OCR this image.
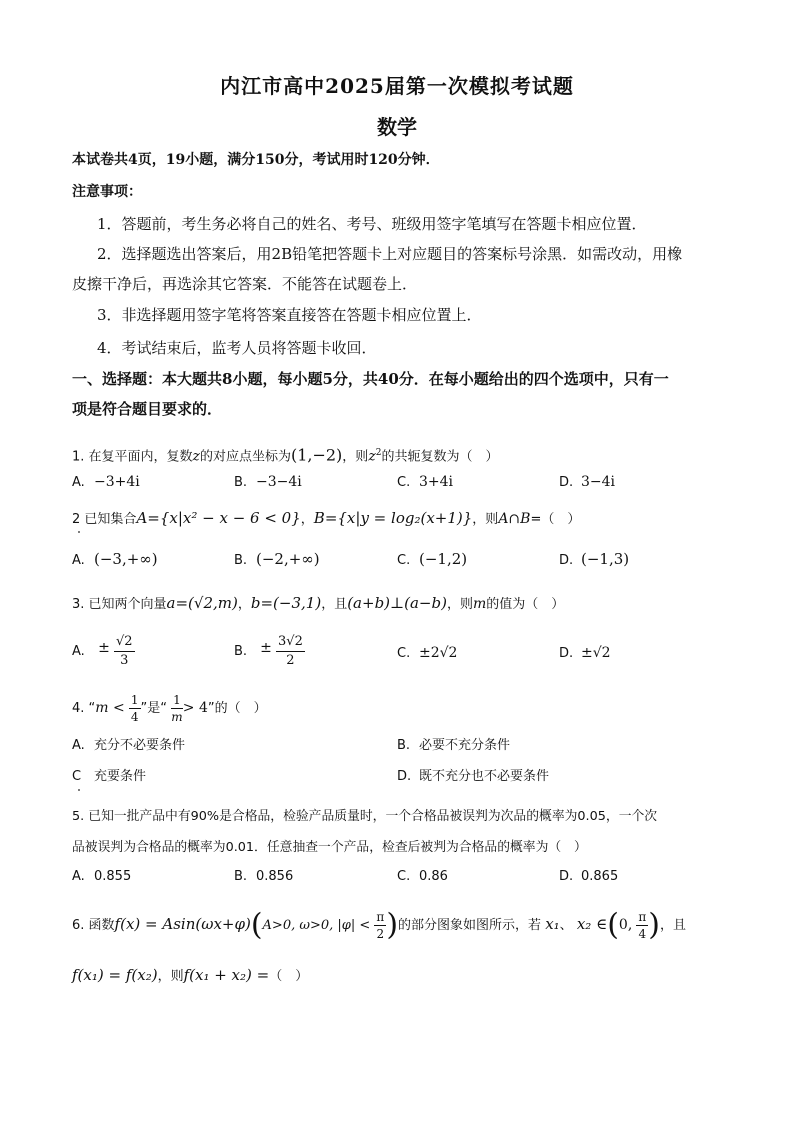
内江市高中2025届第一次模拟考试题
数学
本试卷共4页，19小题，满分150分，考试用时120分钟．
注意事项：
1．答题前，考生务必将自己的姓名、考号、班级用签字笔填写在答题卡相应位置．
2．选择题选出答案后，用2B铅笔把答题卡上对应题目的答案标号涂黑．如需改动，用橡
皮擦干净后，再选涂其它答案．不能答在试题卷上．
3．非选择题用签字笔将答案直接答在答题卡相应位置上．
4．考试结束后，监考人员将答题卡收回．
一、选择题：本大题共8小题，每小题5分，共40分．在每小题给出的四个选项中，只有一
项是符合题目要求的．
1. 在复平面内，复数z的对应点坐标为(1,−2)，则$z^2$的共轭复数为（　）
A. −3+4i	B. −3−4i	C. 3+4i	D. 3−4i
2 已知集合A={x|x² − x − 6 < 0}，B={x|y = log₂(x+1)}，则A∩B=（　）
A. (−3,+∞)	B. (−2,+∞)	C. (−1,2)	D. (−1,3)
3. 已知两个向量a=(√2,m)，b=(−3,1)，且(a+b)⊥(a−b)，则m的值为（　）
A. ± $\frac{√2}{3}$	B. ± $\frac{3√2}{2}$	C. ±2√2	D. ±√2
4. “$m < \frac{1}{4}$ ”是“ $\frac{1}{m} > 4$”的（　）
A. 充分不必要条件	B. 必要不充分条件
C 充要条件	D. 既不充分也不必要条件
5. 已知一批产品中有90%是合格品，检验产品质量时，一个合格品被误判为次品的概率为0.05，一个次
品被误判为合格品的概率为0.01．任意抽查一个产品，检查后被判为合格品的概率为（　）
A. 0.855	B. 0.856	C. 0.86	D. 0.865
6. 函数f(x) = Asin(ωx+φ)(A>0, ω>0, $|\varphi| < \frac{\pi}{2}$ )的部分图象如图所示，若 x₁、 x₂ ∈(0, $\frac{\pi}{4}$ )，且
f(x₁) = f(x₂)，则f(x₁ + x₂) =（　）
